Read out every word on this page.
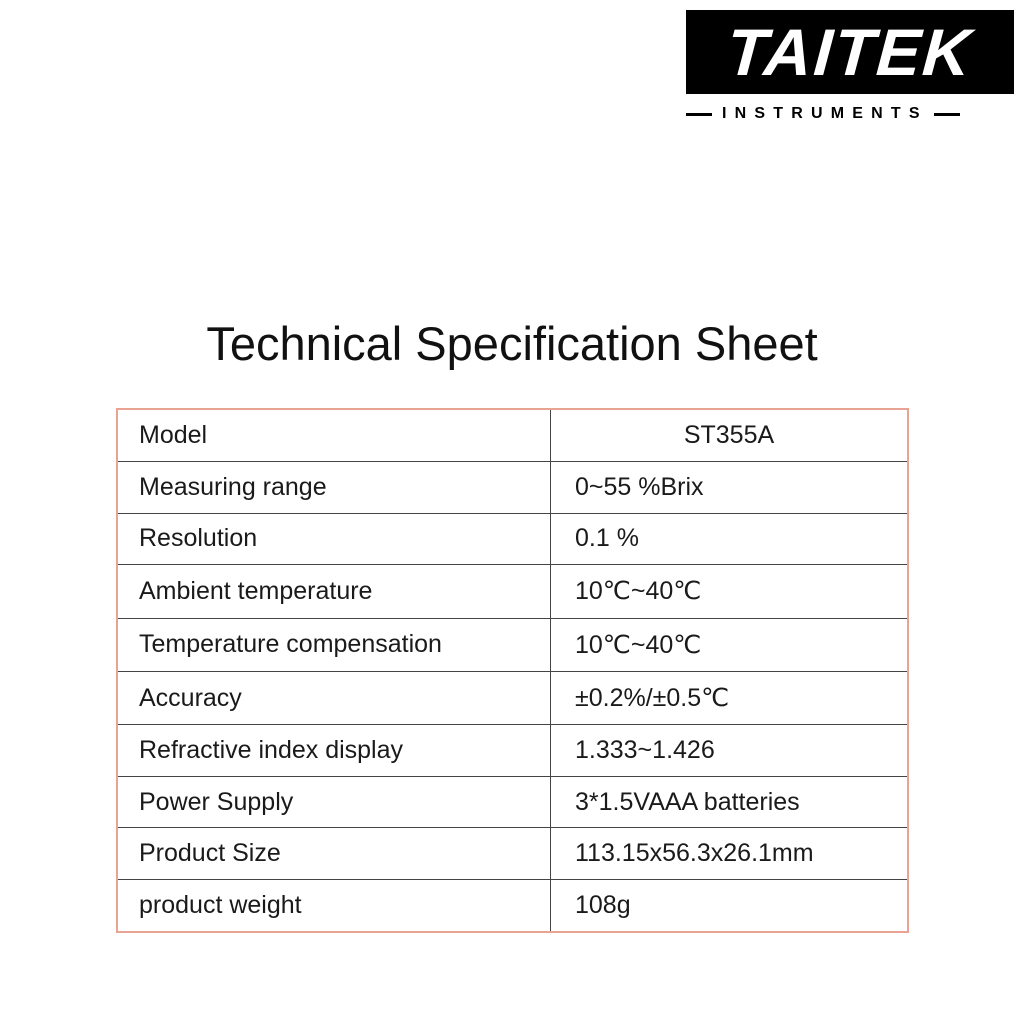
TAITEK
INSTRUMENTS
Technical Specification Sheet
Model	ST355A
Measuring range	0~55 %Brix
Resolution	0.1 %
Ambient temperature	10℃~40℃
Temperature compensation	10℃~40℃
Accuracy	±0.2%/±0.5℃
Refractive index display	1.333~1.426
Power Supply	3*1.5VAAA batteries
Product Size	113.15x56.3x26.1mm
product weight	108g
